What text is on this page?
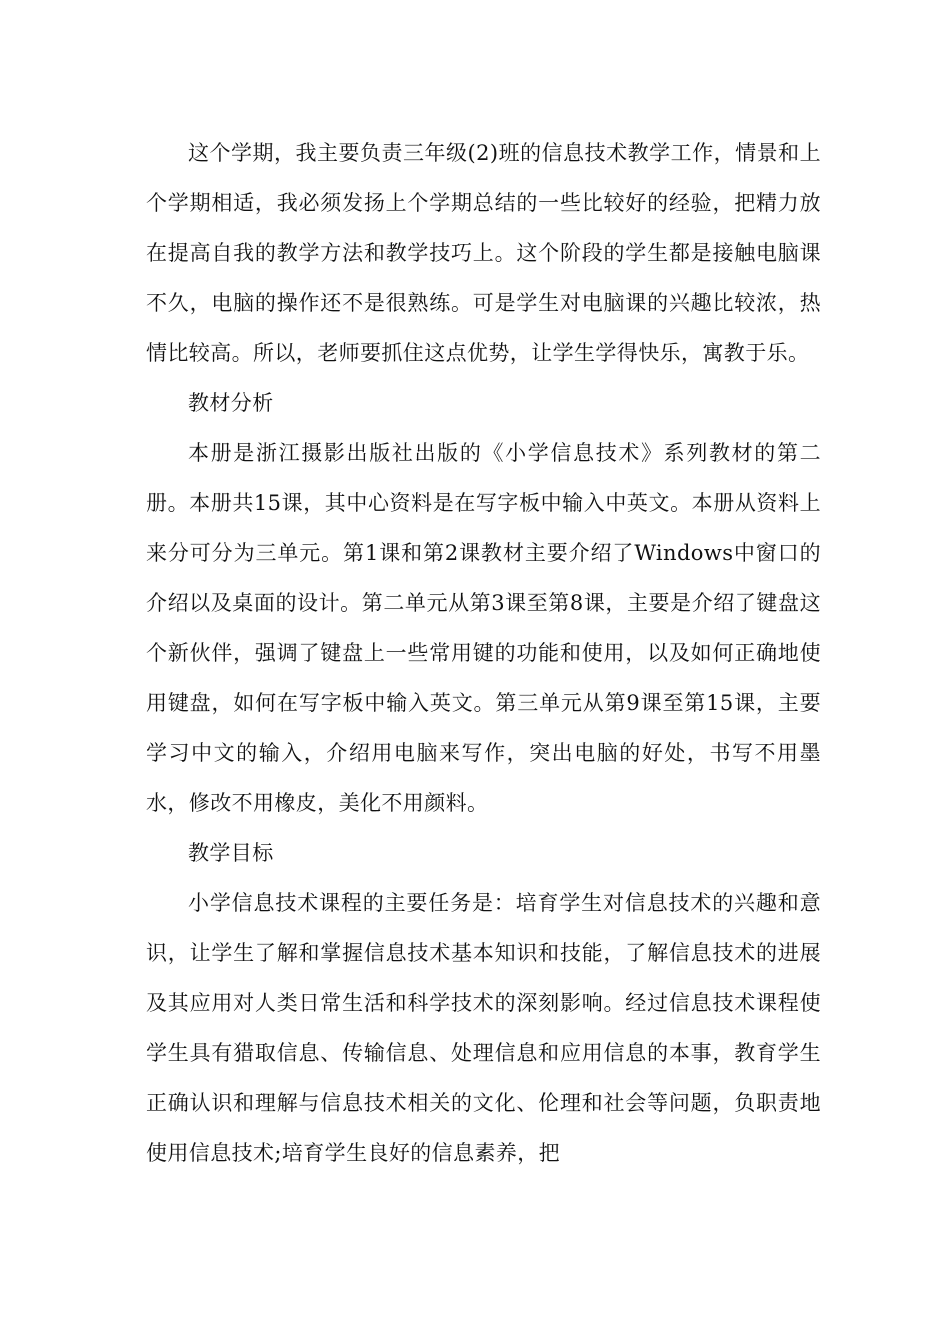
这个学期，我主要负责三年级(2)班的信息技术教学工作，情景和上个学期相适，我必须发扬上个学期总结的一些比较好的经验，把精力放在提高自我的教学方法和教学技巧上。这个阶段的学生都是接触电脑课不久，电脑的操作还不是很熟练。可是学生对电脑课的兴趣比较浓，热情比较高。所以，老师要抓住这点优势，让学生学得快乐，寓教于乐。

教材分析

本册是浙江摄影出版社出版的《小学信息技术》系列教材的第二册。本册共15课，其中心资料是在写字板中输入中英文。本册从资料上来分可分为三单元。第1课和第2课教材主要介绍了Windows中窗口的介绍以及桌面的设计。第二单元从第3课至第8课，主要是介绍了键盘这个新伙伴，强调了键盘上一些常用键的功能和使用，以及如何正确地使用键盘，如何在写字板中输入英文。第三单元从第9课至第15课，主要学习中文的输入，介绍用电脑来写作，突出电脑的好处，书写不用墨水，修改不用橡皮，美化不用颜料。

教学目标

小学信息技术课程的主要任务是：培育学生对信息技术的兴趣和意识，让学生了解和掌握信息技术基本知识和技能，了解信息技术的进展及其应用对人类日常生活和科学技术的深刻影响。经过信息技术课程使学生具有猎取信息、传输信息、处理信息和应用信息的本事，教育学生正确认识和理解与信息技术相关的文化、伦理和社会等问题，负职责地使用信息技术;培育学生良好的信息素养，把
